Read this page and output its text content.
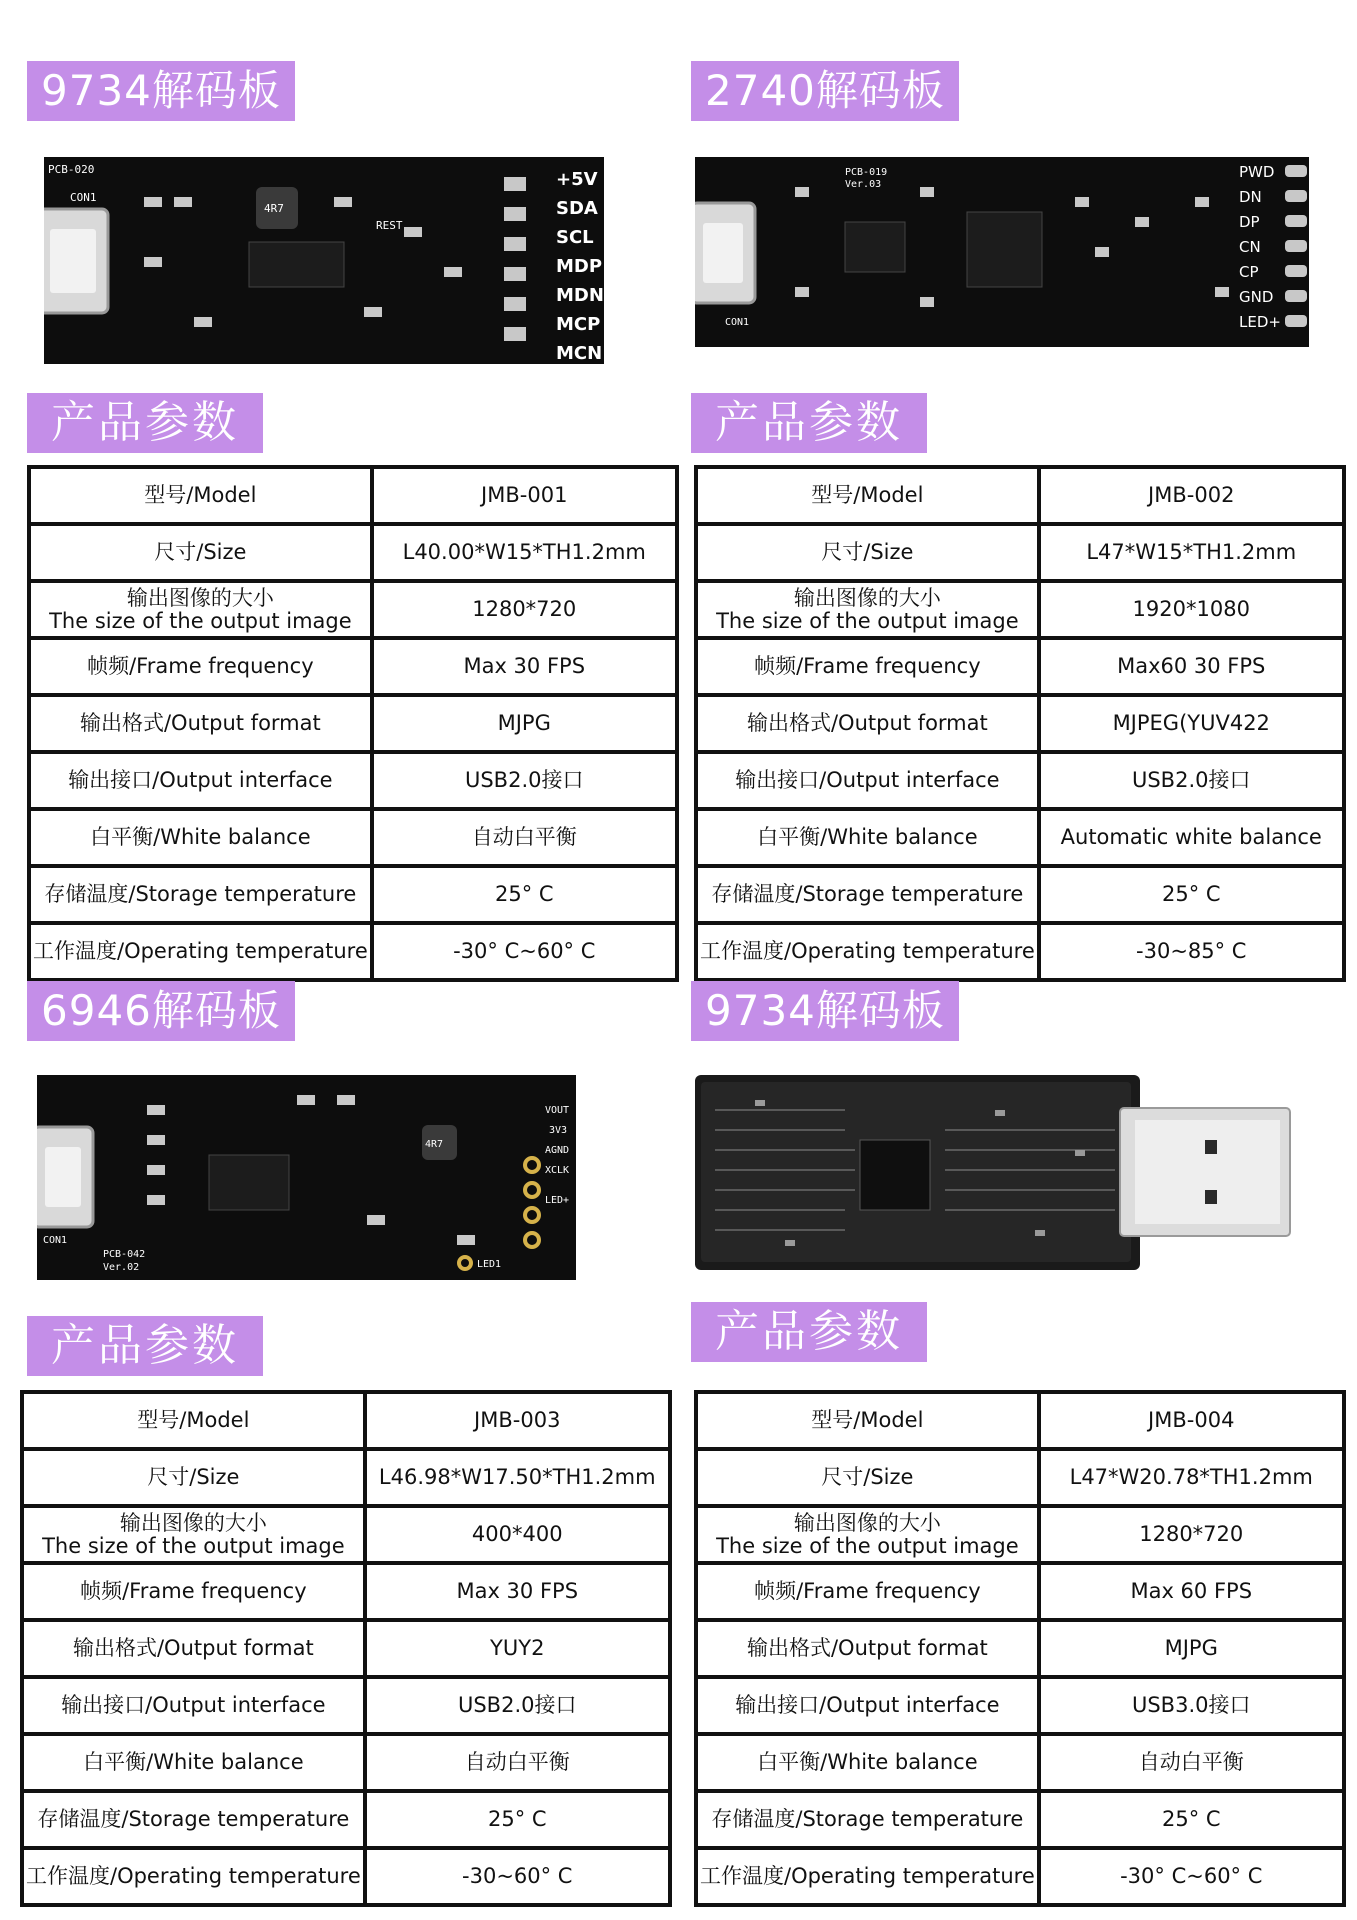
9734解码板
PCB-020
CON1
4R7
REST
+5V
SDA
SCL
MDP
MDN
MCP
MCN
产品参数
型号/Model	JMB-001
尺寸/Size	L40.00*W15*TH1.2mm

输出图像的大小
The size of the output image	1280*720
帧频/Frame frequency	Max 30 FPS
输出格式/Output format	MJPG
输出接口/Output interface	USB2.0接口
白平衡/White balance	自动白平衡
存储温度/Storage temperature	25° C
工作温度/Operating temperature	-30° C~60° C
2740解码板
PCB-019
Ver.03
CON1
PWD
DN
DP
CN
CP
GND
LED+
产品参数
型号/Model	JMB-002
尺寸/Size	L47*W15*TH1.2mm

输出图像的大小
The size of the output image	1920*1080
帧频/Frame frequency	Max60 30 FPS
输出格式/Output format	MJPEG(YUV422
输出接口/Output interface	USB2.0接口
白平衡/White balance	Automatic white balance
存储温度/Storage temperature	25° C
工作温度/Operating temperature	-30~85° C
6946解码板
PCB-042
Ver.02
CON1
4R7
VOUT
3V3
AGND
XCLK
LED+
LED1
产品参数
型号/Model	JMB-003
尺寸/Size	L46.98*W17.50*TH1.2mm

输出图像的大小
The size of the output image	400*400
帧频/Frame frequency	Max 30 FPS
输出格式/Output format	YUY2
输出接口/Output interface	USB2.0接口
白平衡/White balance	自动白平衡
存储温度/Storage temperature	25° C
工作温度/Operating temperature	-30~60° C
9734解码板
产品参数
型号/Model	JMB-004
尺寸/Size	L47*W20.78*TH1.2mm

输出图像的大小
The size of the output image	1280*720
帧频/Frame frequency	Max 60 FPS
输出格式/Output format	MJPG
输出接口/Output interface	USB3.0接口
白平衡/White balance	自动白平衡
存储温度/Storage temperature	25° C
工作温度/Operating temperature	-30° C~60° C
